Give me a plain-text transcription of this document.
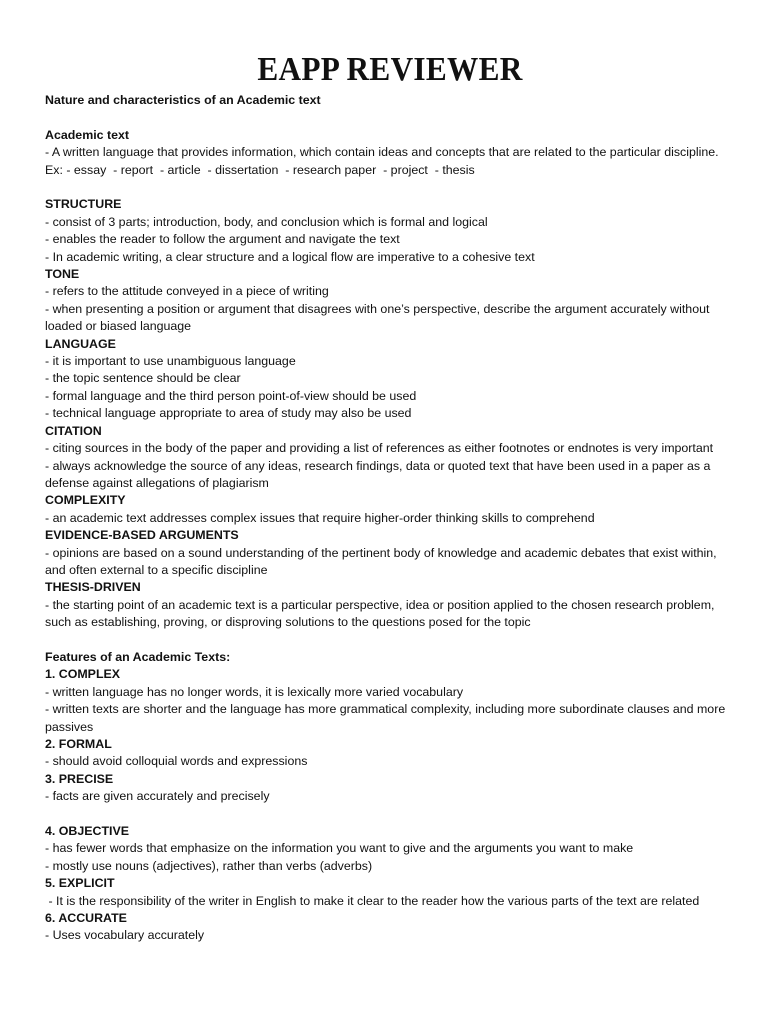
EAPP REVIEWER

Nature and characteristics of an Academic text

Academic text

- A written language that provides information, which contain ideas and concepts that are related to the particular discipline.

Ex: - essay  - report  - article  - dissertation  - research paper  - project  - thesis

STRUCTURE

- consist of 3 parts; introduction, body, and conclusion which is formal and logical

- enables the reader to follow the argument and navigate the text

- In academic writing, a clear structure and a logical flow are imperative to a cohesive text

TONE

- refers to the attitude conveyed in a piece of writing

- when presenting a position or argument that disagrees with one’s perspective, describe the argument accurately without loaded or biased language

LANGUAGE

- it is important to use unambiguous language

- the topic sentence should be clear

- formal language and the third person point-of-view should be used

- technical language appropriate to area of study may also be used

CITATION

- citing sources in the body of the paper and providing a list of references as either footnotes or endnotes is very important

- always acknowledge the source of any ideas, research findings, data or quoted text that have been used in a paper as a defense against allegations of plagiarism

COMPLEXITY

- an academic text addresses complex issues that require higher-order thinking skills to comprehend

EVIDENCE-BASED ARGUMENTS

- opinions are based on a sound understanding of the pertinent body of knowledge and academic debates that exist within, and often external to a specific discipline

THESIS-DRIVEN

- the starting point of an academic text is a particular perspective, idea or position applied to the chosen research problem, such as establishing, proving, or disproving solutions to the questions posed for the topic

Features of an Academic Texts:

1. COMPLEX

- written language has no longer words, it is lexically more varied vocabulary

- written texts are shorter and the language has more grammatical complexity, including more subordinate clauses and more passives

2. FORMAL

- should avoid colloquial words and expressions

3. PRECISE

- facts are given accurately and precisely

4. OBJECTIVE

- has fewer words that emphasize on the information you want to give and the arguments you want to make

- mostly use nouns (adjectives), rather than verbs (adverbs)

5. EXPLICIT

- It is the responsibility of the writer in English to make it clear to the reader how the various parts of the text are related

6. ACCURATE

- Uses vocabulary accurately
